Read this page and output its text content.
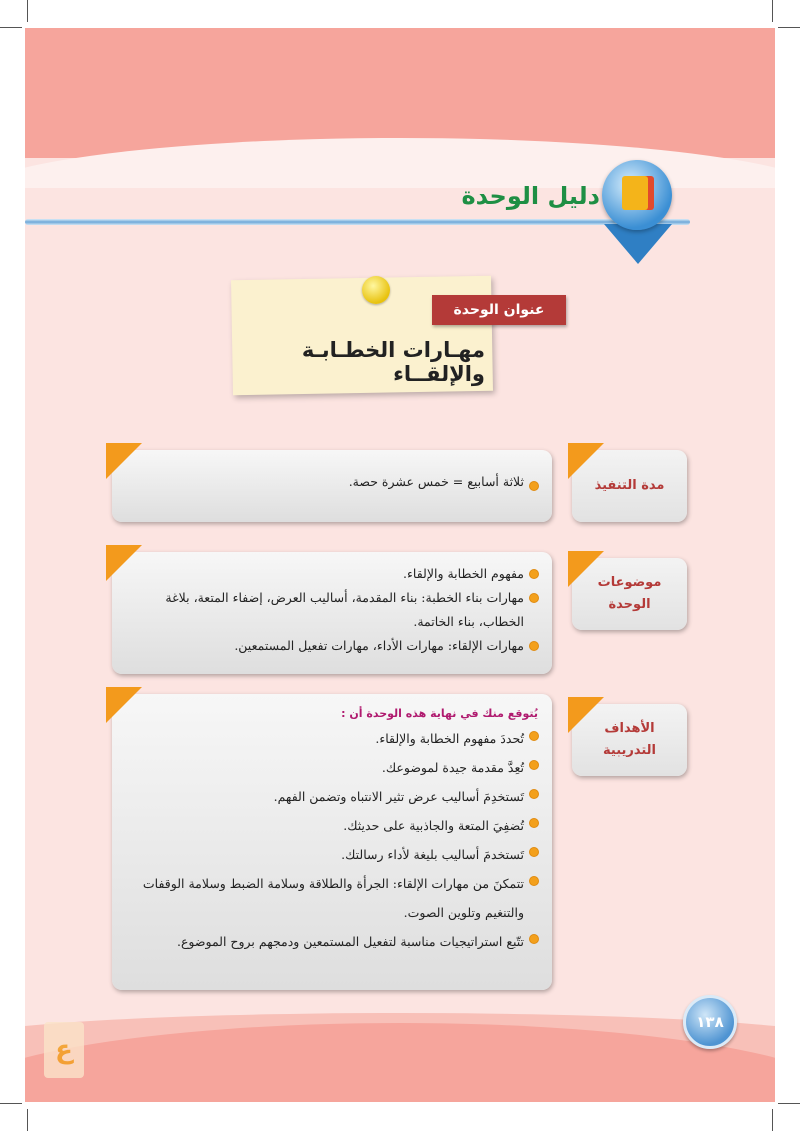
دليل الوحدة
عنوان الوحدة
مهـارات الخطـابـة والإلقــاء
مدة التنفيذ
ثلاثة أسابيع = خمس عشرة حصة.
موضوعات
الوحدة
مفهوم الخطابة والإلقاء.
مهارات بناء الخطبة: بناء المقدمة، أساليب العرض، إضفاء المتعة، بلاغة الخطاب، بناء الخاتمة.
مهارات الإلقاء: مهارات الأداء، مهارات تفعيل المستمعين.
الأهداف
التدريبية
يُتوقع منك في نهاية هذه الوحدة أن :
تُحددَ مفهوم الخطابة والإلقاء.
تُعِدَّ مقدمة جيدة لموضوعك.
تَستخدِمَ أساليب عرض تثير الانتباه وتضمن الفهم.
تُضفِيَ المتعة والجاذبية على حديثك.
تَستخدمَ أساليب بليغة لأداء رسالتك.
تتمكنَ من مهارات الإلقاء: الجرأة والطلاقة وسلامة الضبط وسلامة الوقفات والتنغيم وتلوين الصوت.
تتّبع استراتيجيات مناسبة لتفعيل المستمعين ودمجهم بروح الموضوع.
١٣٨
ع
